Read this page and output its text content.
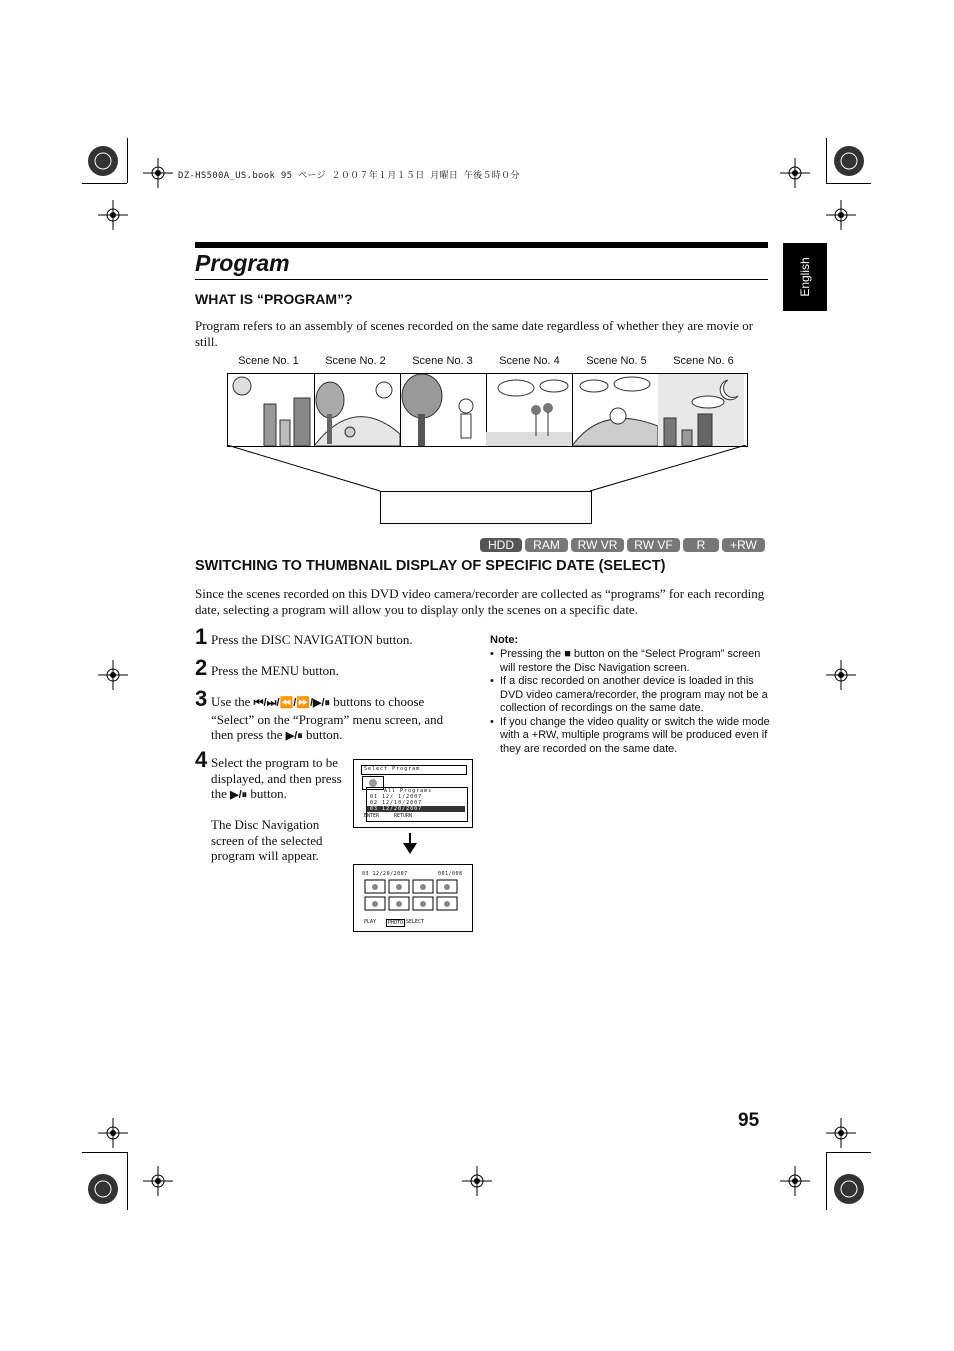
DZ-HS500A_US.book 95 ページ ２００７年１月１５日 月曜日 午後５時０分
English
Program
WHAT IS “PROGRAM”?
Program refers to an assembly of scenes recorded on the same date regardless of whether they are movie or still.
Scene No. 1	Scene No. 2	Scene No. 3	Scene No. 4	Scene No. 5	Scene No. 6
HDD	RAM	RW VR	RW VF	R	+RW
SWITCHING TO THUMBNAIL DISPLAY OF SPECIFIC DATE (SELECT)
Since the scenes recorded on this DVD video camera/recorder are collected as “programs” for each recording date, selecting a program will allow you to display only the scenes on a specific date.
1 Press the DISC NAVIGATION button.
2 Press the MENU button.
3 Use the ⏮/⏭/⏪/⏩/▶/⏸ buttons to choose “Select” on the “Program” menu screen, and then press the ▶/⏸ button.
4 Select the program to be displayed, and then press the ▶/⏸ button.
The Disc Navigation screen of the selected program will appear.
Select Program
All Programs
01 12/ 1/2007
02 12/10/2007
03 12/20/2007
ENTER	RETURN
03 12/20/2007	001/008
PLAY	PHOTO SELECT
Note:
• Pressing the ■ button on the “Select Program” screen will restore the Disc Navigation screen.
• If a disc recorded on another device is loaded in this DVD video camera/recorder, the program may not be a collection of recordings on the same date.
• If you change the video quality or switch the wide mode with a +RW, multiple programs will be produced even if they are recorded on the same date.
95
